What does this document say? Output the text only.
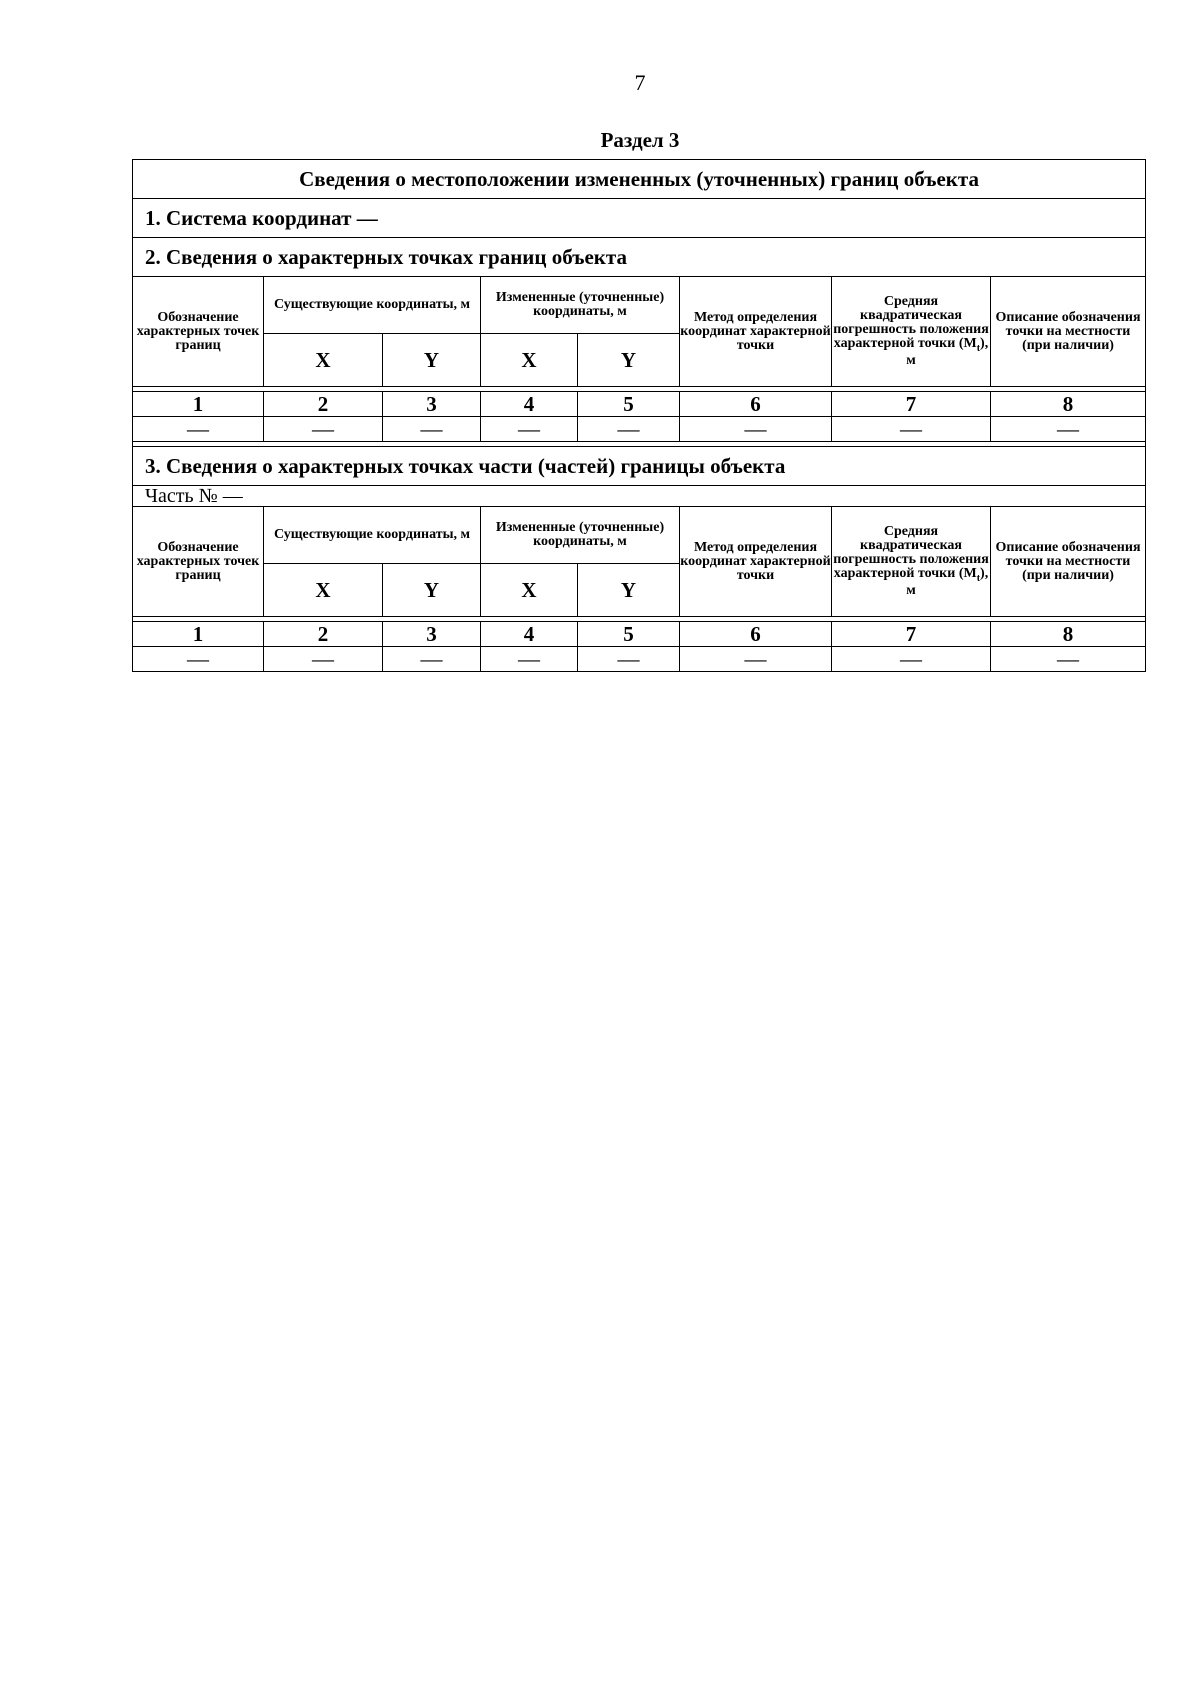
7
Раздел 3
Сведения о местоположении измененных (уточненных) границ объекта							
1. Система координат —							
2. Сведения о характерных точках границ объекта							
Обозначение характерных точек границ	Существующие координаты, м		Измененные (уточненные) координаты, м		Метод определения координат характерной точки	Средняя квадратическая погрешность положения характерной точки $(M_t)$, м	Описание обозначения точки на местности (при наличии)
	X	Y	X	Y			

1	2	3	4	5	6	7	8
—	—	—	—	—	—	—	—

3. Сведения о характерных точках части (частей) границы объекта							
Часть № —							
Обозначение характерных точек границ	Существующие координаты, м		Измененные (уточненные) координаты, м		Метод определения координат характерной точки	Средняя квадратическая погрешность положения характерной точки $(M_t)$, м	Описание обозначения точки на местности (при наличии)
	X	Y	X	Y			

1	2	3	4	5	6	7	8
—	—	—	—	—	—	—	—
